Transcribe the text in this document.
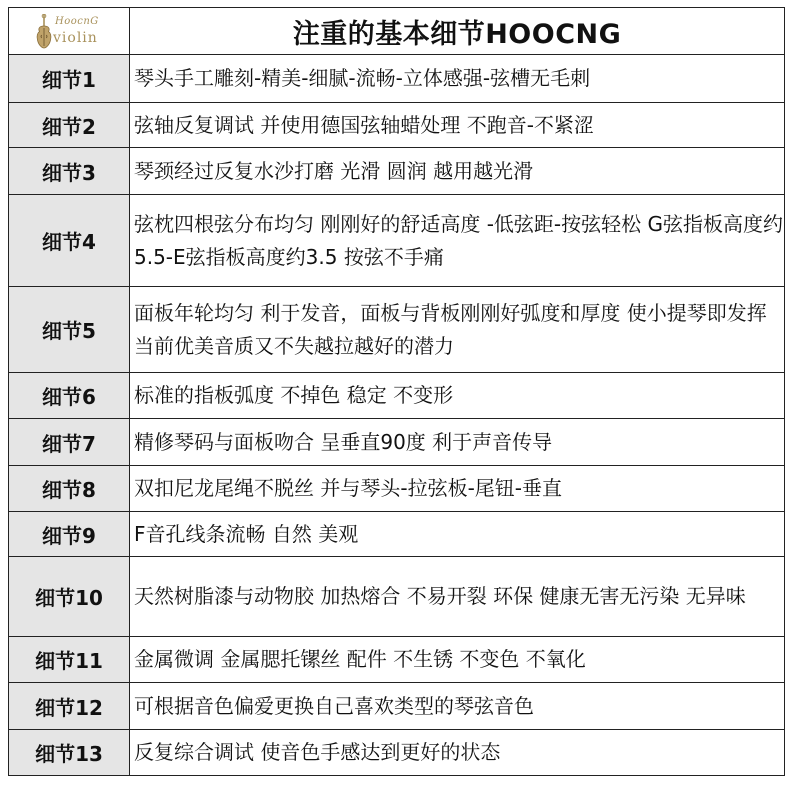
HoocnG
violin	注重的基本细节HOOCNG
细节1	琴头手工雕刻-精美-细腻-流畅-立体感强-弦槽无毛刺
细节2	弦轴反复调试 并使用德国弦轴蜡处理 不跑音-不紧涩
细节3	琴颈经过反复水沙打磨 光滑 圆润 越用越光滑
细节4	弦枕四根弦分布均匀 刚刚好的舒适高度 -低弦距-按弦轻松 G弦指板高度约5.5-E弦指板高度约3.5 按弦不手痛
细节5	面板年轮均匀 利于发音，面板与背板刚刚好弧度和厚度 使小提琴即发挥当前优美音质又不失越拉越好的潜力
细节6	标准的指板弧度 不掉色 稳定 不变形
细节7	精修琴码与面板吻合 呈垂直90度 利于声音传导
细节8	双扣尼龙尾绳不脱丝 并与琴头-拉弦板-尾钮-垂直
细节9	F音孔线条流畅 自然 美观
细节10	天然树脂漆与动物胶 加热熔合 不易开裂 环保 健康无害无污染 无异味
细节11	金属微调 金属腮托镙丝 配件 不生锈 不变色 不氧化
细节12	可根据音色偏爱更换自己喜欢类型的琴弦音色
细节13	反复综合调试 使音色手感达到更好的状态
